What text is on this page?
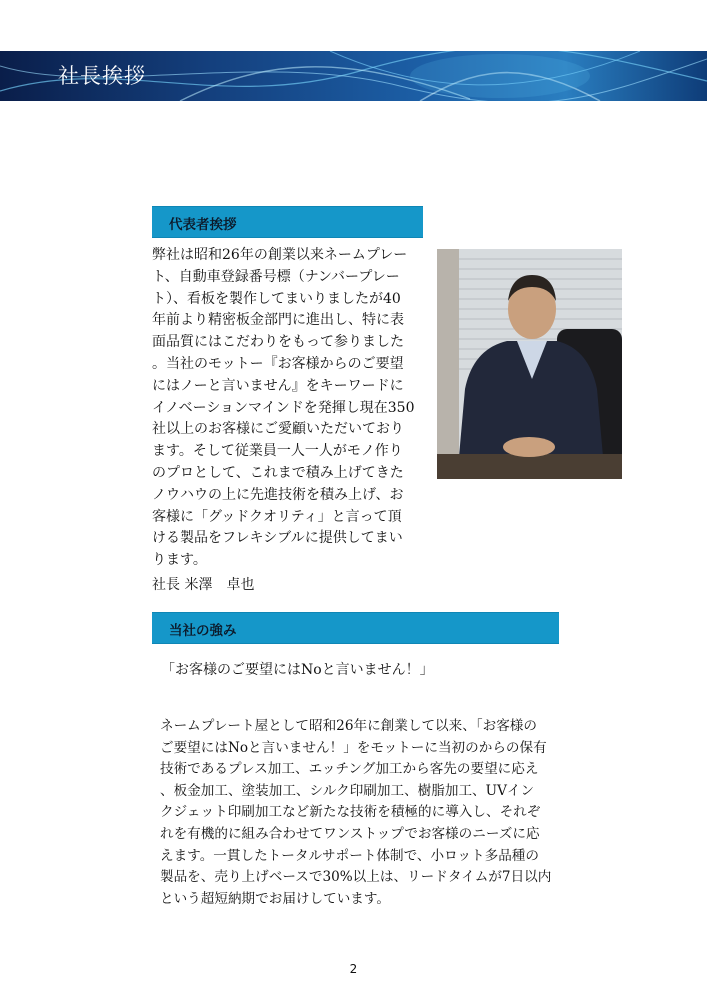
社長挨拶
代表者挨拶
弊社は昭和26年の創業以来ネームプレー
ト、自動車登録番号標（ナンバープレー
ト）、看板を製作してまいりましたが40
年前より精密板金部門に進出し、特に表
面品質にはこだわりをもって参りました
。当社のモットー『お客様からのご要望
にはノーと言いません』をキーワードに
イノベーションマインドを発揮し現在350
社以上のお客様にご愛顧いただいており
ます。そして従業員一人一人がモノ作り
のプロとして、これまで積み上げてきた
ノウハウの上に先進技術を積み上げ、お
客様に「グッドクオリティ」と言って頂
ける製品をフレキシブルに提供してまい
ります。

社長 米澤　卓也

当社の強み

「お客様のご要望にはNoと言いません！」

ネームプレート屋として昭和26年に創業して以来、「お客様の
ご要望にはNoと言いません！」をモットーに当初のからの保有
技術であるプレス加工、エッチング加工から客先の要望に応え
、板金加工、塗装加工、シルク印刷加工、樹脂加工、UVイン
クジェット印刷加工など新たな技術を積極的に導入し、それぞ
れを有機的に組み合わせてワンストップでお客様のニーズに応
えます。一貫したトータルサポート体制で、小ロット多品種の
製品を、売り上げベースで30%以上は、リードタイムが7日以内
という超短納期でお届けしています。
2
